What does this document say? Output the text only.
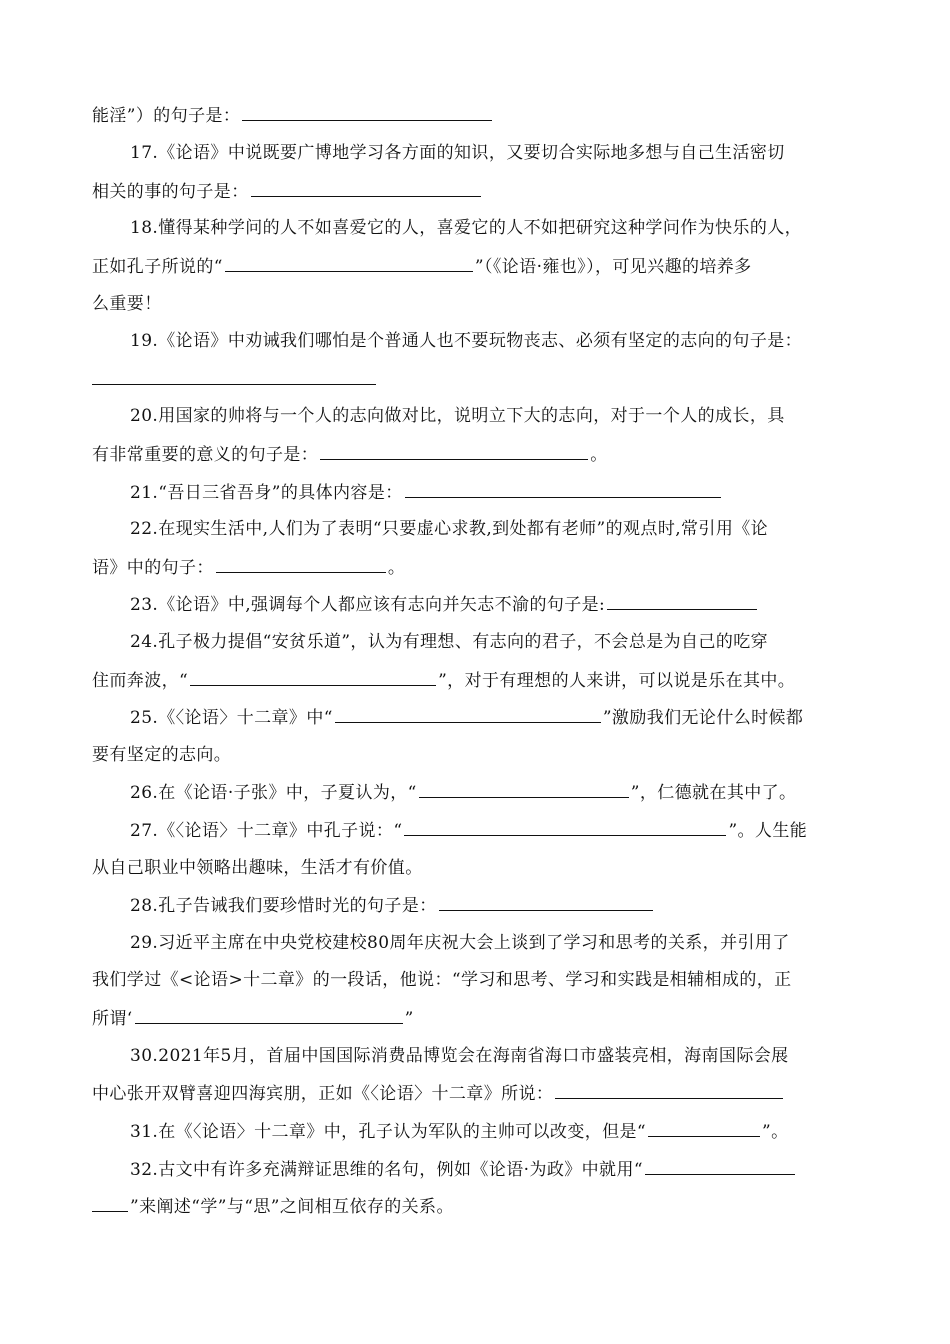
能淫”）的句子是：
17.《论语》中说既要广博地学习各方面的知识，又要切合实际地多想与自己生活密切
相关的事的句子是：
18.懂得某种学问的人不如喜爱它的人，喜爱它的人不如把研究这种学问作为快乐的人，
正如孔子所说的“	”（《论语·雍也》），可见兴趣的培养多
么重要！
19.《论语》中劝诫我们哪怕是个普通人也不要玩物丧志、必须有坚定的志向的句子是：
20.用国家的帅将与一个人的志向做对比，说明立下大的志向，对于一个人的成长，具
有非常重要的意义的句子是：	。
21.“吾日三省吾身”的具体内容是：
22.在现实生活中,人们为了表明“只要虚心求教,到处都有老师”的观点时,常引用《论
语》中的句子：	。
23.《论语》中,强调每个人都应该有志向并矢志不渝的句子是:
24.孔子极力提倡“安贫乐道”，认为有理想、有志向的君子，不会总是为自己的吃穿
住而奔波，“	”，对于有理想的人来讲，可以说是乐在其中。
25.《〈论语〉十二章》中“	”激励我们无论什么时候都
要有坚定的志向。
26.在《论语·子张》中，子夏认为，“	”，仁德就在其中了。
27.《〈论语〉十二章》中孔子说：“	”。人生能
从自己职业中领略出趣味，生活才有价值。
28.孔子告诫我们要珍惜时光的句子是：
29.习近平主席在中央党校建校80周年庆祝大会上谈到了学习和思考的关系，并引用了
我们学过《<论语>十二章》的一段话，他说：“学习和思考、学习和实践是相辅相成的，正
所谓‘	”
30.2021年5月，首届中国国际消费品博览会在海南省海口市盛装亮相，海南国际会展
中心张开双臂喜迎四海宾朋，正如《〈论语〉十二章》所说：
31.在《〈论语〉十二章》中，孔子认为军队的主帅可以改变，但是“	”。
32.古文中有许多充满辩证思维的名句，例如《论语·为政》中就用“
”来阐述“学”与“思”之间相互依存的关系。
